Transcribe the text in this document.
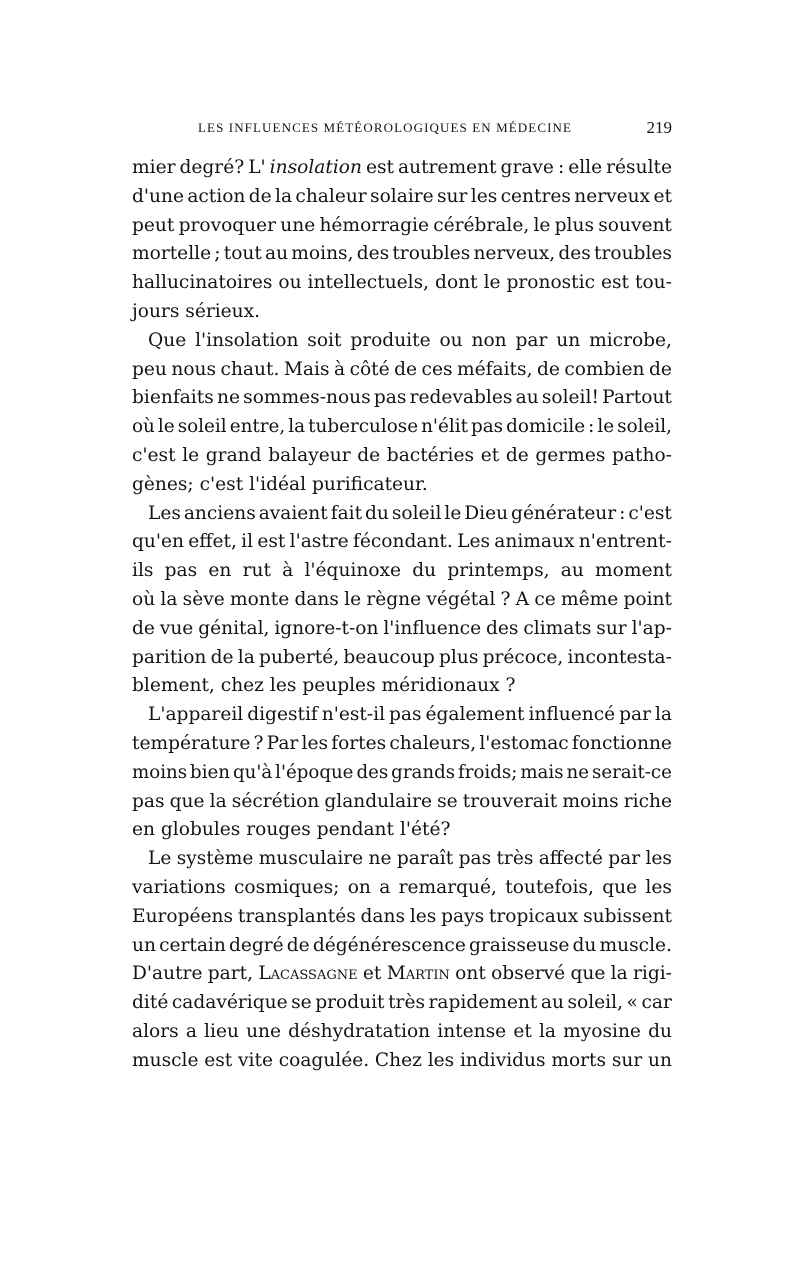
LES INFLUENCES MÉTÉOROLOGIQUES EN MÉDECINE	219
mier degré? L' insolation est autrement grave : elle résulte
d'une action de la chaleur solaire sur les centres nerveux et
peut provoquer une hémorragie cérébrale, le plus souvent
mortelle ; tout au moins, des troubles nerveux, des troubles
hallucinatoires ou intellectuels, dont le pronostic est tou-
jours
sérieux.
Que l'insolation soit produite ou non par un microbe,
peu nous chaut. Mais à côté de ces méfaits, de combien de
bienfaits ne sommes-nous pas redevables au soleil! Partout
où le soleil entre, la tuberculose n'élit pas domicile : le soleil,
c'est le grand balayeur de bactéries et de germes patho-
gènes;
c'est
l'idéal
purificateur.
Les anciens avaient fait du soleil le Dieu générateur : c'est
qu'en effet, il est l'astre fécondant. Les animaux n'entrent-
ils pas en rut à l'équinoxe du printemps, au moment
où la sève monte dans le règne végétal ? A ce même point
de vue génital, ignore-t-on l'influence des climats sur l'ap-
parition de la puberté, beaucoup plus précoce, incontesta-
blement,
chez
les
peuples
méridionaux
?
L'appareil digestif n'est-il pas également influencé par la
température ? Par les fortes chaleurs, l'estomac fonctionne
moins bien qu'à l'époque des grands froids; mais ne serait-ce
pas que la sécrétion glandulaire se trouverait moins riche
en
globules
rouges
pendant
l'été?
Le système musculaire ne paraît pas très affecté par les
variations cosmiques; on a remarqué, toutefois, que les
Européens transplantés dans les pays tropicaux subissent
un certain degré de dégénérescence graisseuse du muscle.
D'autre part, Lacassagne et Martin ont observé que la rigi-
dité cadavérique se produit très rapidement au soleil, « car
alors a lieu une déshydratation intense et la myosine du
muscle est vite coagulée. Chez les individus morts sur un
